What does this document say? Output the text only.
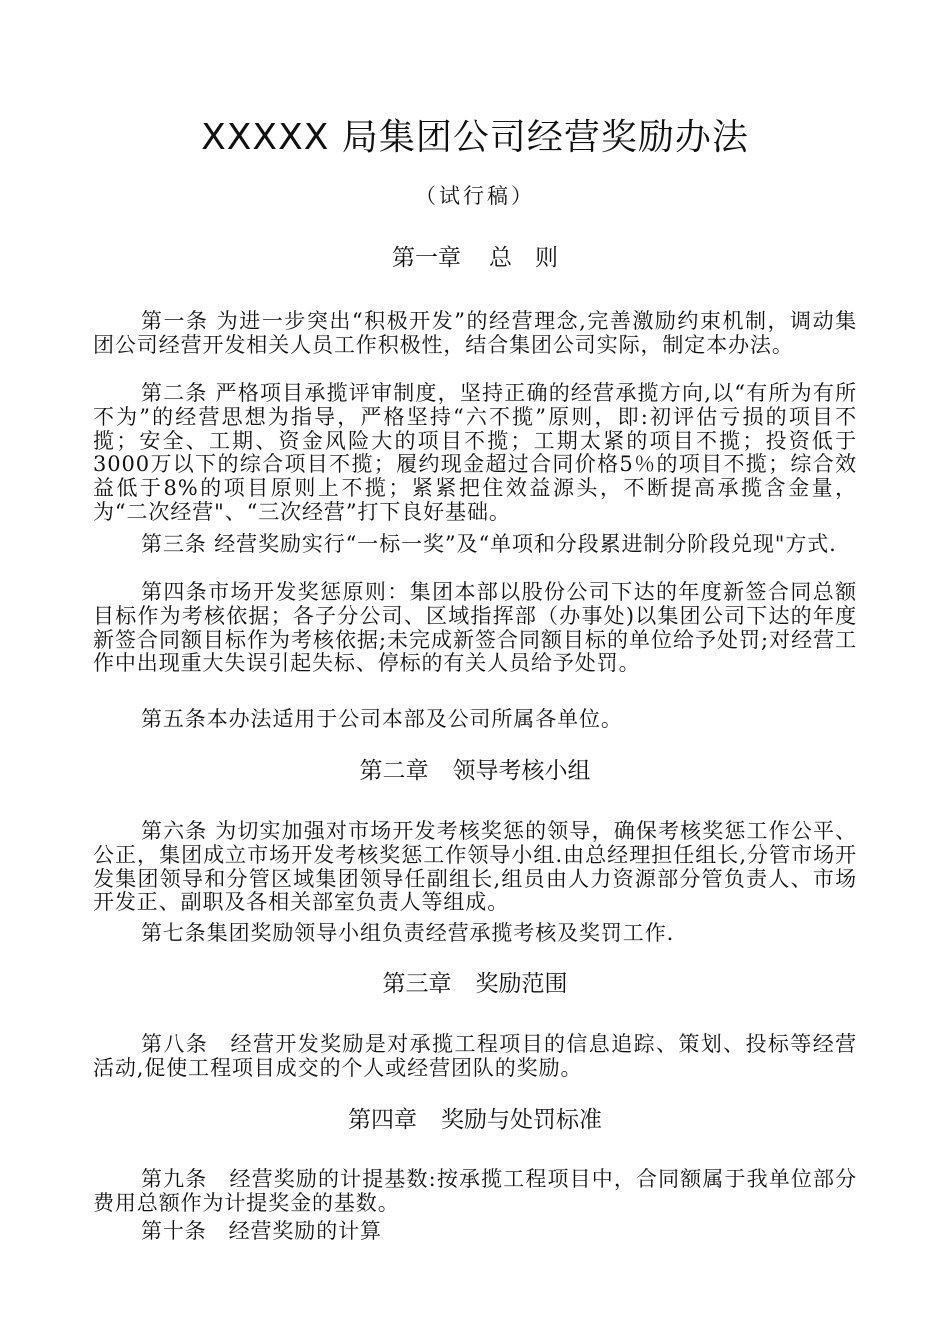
XXXXX 局集团公司经营奖励办法
（试行稿）
第一章 总　则

第一条 为进一步突出“积极开发”的经营理念,完善激励约束机制，调动集团公司经营开发相关人员工作积极性，结合集团公司实际，制定本办法。

第二条 严格项目承揽评审制度，坚持正确的经营承揽方向,以“有所为有所不为”的经营思想为指导，严格坚持“六不揽”原则，即:初评估亏损的项目不揽；安全、工期、资金风险大的项目不揽；工期太紧的项目不揽；投资低于3000万以下的综合项目不揽；履约现金超过合同价格5％的项目不揽；综合效益低于8%的项目原则上不揽；紧紧把住效益源头，不断提高承揽含金量，为“二次经营"、“三次经营”打下良好基础。

第三条 经营奖励实行“一标一奖”及“单项和分段累进制分阶段兑现"方式.

第四条市场开发奖惩原则：集团本部以股份公司下达的年度新签合同总额目标作为考核依据；各子分公司、区域指挥部（办事处)以集团公司下达的年度新签合同额目标作为考核依据;未完成新签合同额目标的单位给予处罚;对经营工作中出现重大失误引起失标、停标的有关人员给予处罚。

第五条本办法适用于公司本部及公司所属各单位。

第二章 领导考核小组

第六条 为切实加强对市场开发考核奖惩的领导，确保考核奖惩工作公平、公正，集团成立市场开发考核奖惩工作领导小组.由总经理担任组长,分管市场开发集团领导和分管区域集团领导任副组长,组员由人力资源部分管负责人、市场开发正、副职及各相关部室负责人等组成。

第七条集团奖励领导小组负责经营承揽考核及奖罚工作.

第三章 奖励范围

第八条　经营开发奖励是对承揽工程项目的信息追踪、策划、投标等经营活动,促使工程项目成交的个人或经营团队的奖励。

第四章 奖励与处罚标准

第九条　经营奖励的计提基数:按承揽工程项目中，合同额属于我单位部分费用总额作为计提奖金的基数。

第十条　经营奖励的计算
